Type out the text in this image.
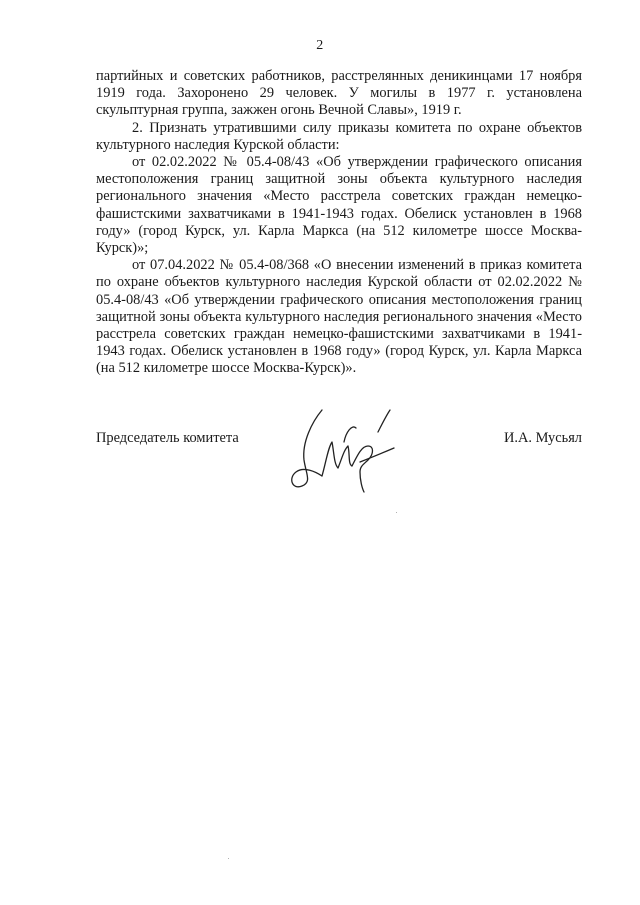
2

партийных и советских работников, расстрелянных деникинцами 17 ноября 1919 года. Захоронено 29 человек. У могилы в 1977 г. установлена скульптурная группа, зажжен огонь Вечной Славы», 1919 г.

2. Признать утратившими силу приказы комитета по охране объектов культурного наследия Курской области:

от 02.02.2022 № 05.4-08/43 «Об утверждении графического описания местоположения границ защитной зоны объекта культурного наследия регионального значения «Место расстрела советских граждан немецко-фашистскими захватчиками в 1941-1943 годах. Обелиск установлен в 1968 году» (город Курск, ул. Карла Маркса (на 512 километре шоссе Москва-Курск)»;

от 07.04.2022 № 05.4-08/368 «О внесении изменений в приказ комитета по охране объектов культурного наследия Курской области от 02.02.2022 № 05.4-08/43 «Об утверждении графического описания местоположения границ защитной зоны объекта культурного наследия регионального значения «Место расстрела советских граждан немецко-фашистскими захватчиками в 1941-1943 годах. Обелиск установлен в 1968 году» (город Курск, ул. Карла Маркса (на 512 километре шоссе Москва-Курск)».

Председатель комитета	И.А. Мусьял
